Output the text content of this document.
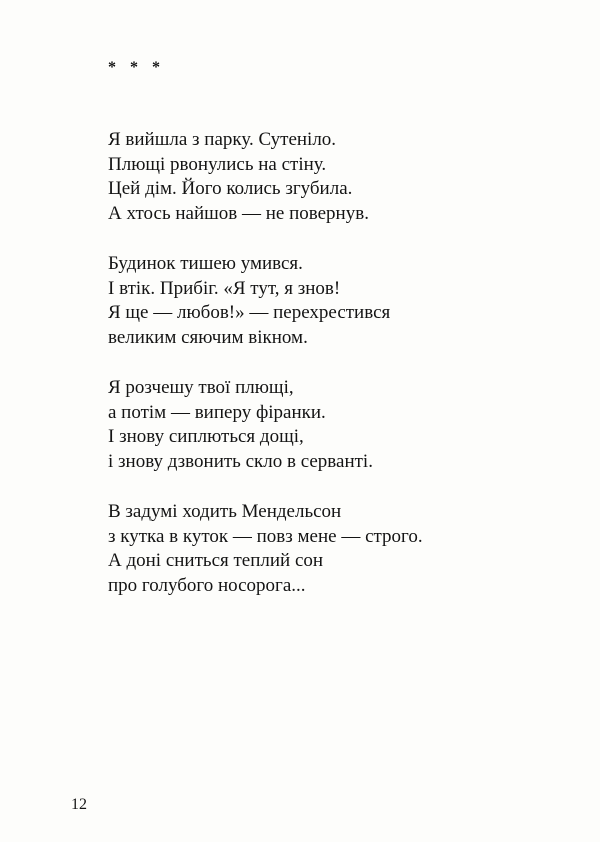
* * *
Я вийшла з парку. Сутеніло.
Плющі рвонулись на стіну.
Цей дім. Його колись згубила.
А хтось найшов — не повернув.
Будинок тишею умився.
І втік. Прибіг. «Я тут, я знов!
Я ще — любов!» — перехрестився
великим сяючим вікном.
Я розчешу твої плющі,
а потім — виперу фіранки.
І знову сиплються дощі,
і знову дзвонить скло в серванті.
В задумі ходить Мендельсон
з кутка в куток — повз мене — строго.
А доні сниться теплий сон
про голубого носорога...
12
